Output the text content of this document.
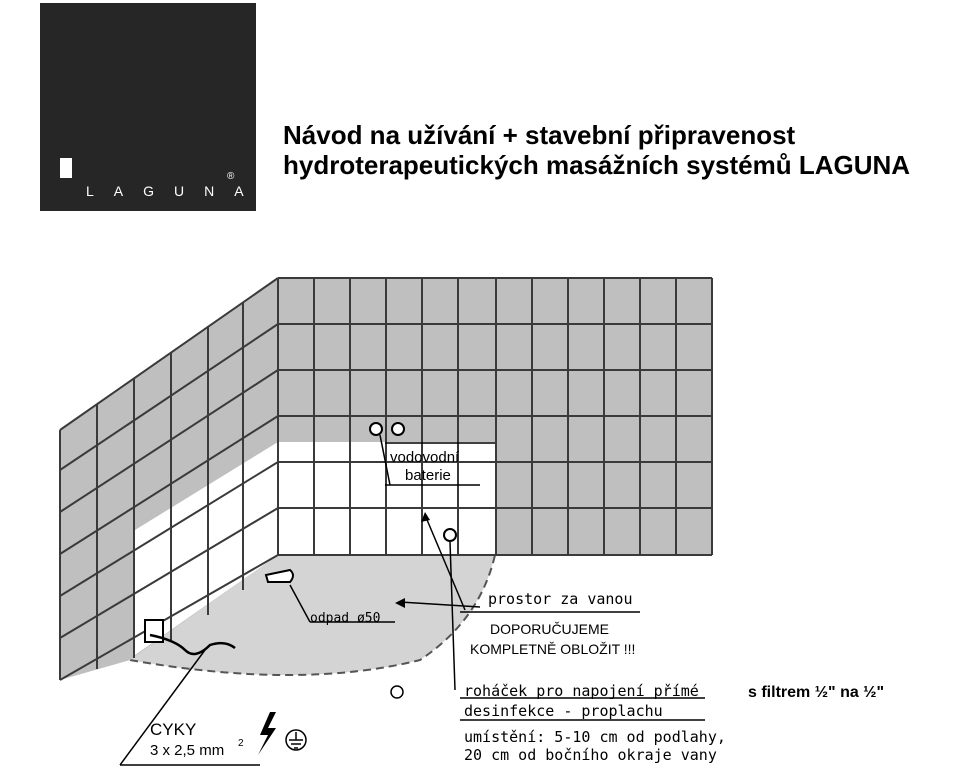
LAGUNA
®
Návod na užívání + stavební připravenost
hydroterapeutických masážních systémů LAGUNA
vodovodní
baterie
odpad ø50
prostor za vanou
DOPORUČUJEME
KOMPLETNĚ OBLOŽIT !!!
roháček pro napojení přímé
desinfekce - proplachu
umístění: 5-10 cm od podlahy,
20 cm od bočního okraje vany
s filtrem ½" na ½"
CYKY
3 x 2,5 mm 2
